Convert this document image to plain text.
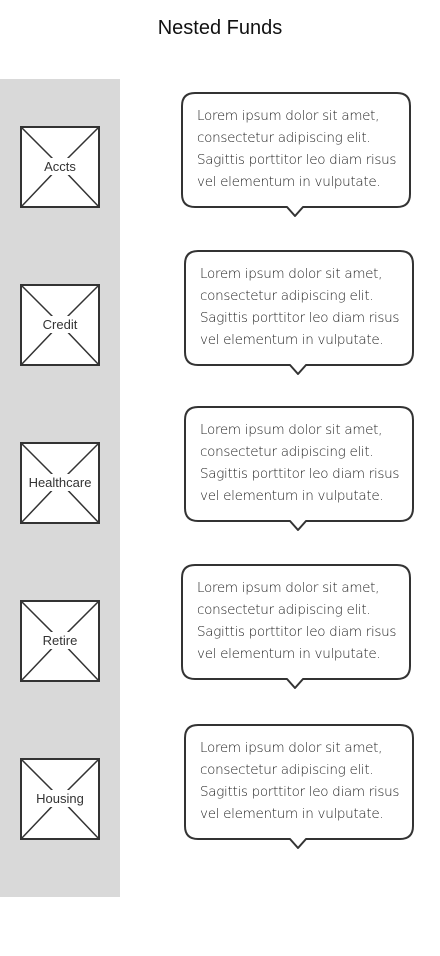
Nested Funds
Accts
Credit
Healthcare
Retire
Housing
Lorem ipsum dolor sit amet, consectetur adipiscing elit. Sagittis porttitor leo diam risus vel elementum in vulputate.
Lorem ipsum dolor sit amet, consectetur adipiscing elit. Sagittis porttitor leo diam risus vel elementum in vulputate.
Lorem ipsum dolor sit amet, consectetur adipiscing elit. Sagittis porttitor leo diam risus vel elementum in vulputate.
Lorem ipsum dolor sit amet, consectetur adipiscing elit. Sagittis porttitor leo diam risus vel elementum in vulputate.
Lorem ipsum dolor sit amet, consectetur adipiscing elit. Sagittis porttitor leo diam risus vel elementum in vulputate.
